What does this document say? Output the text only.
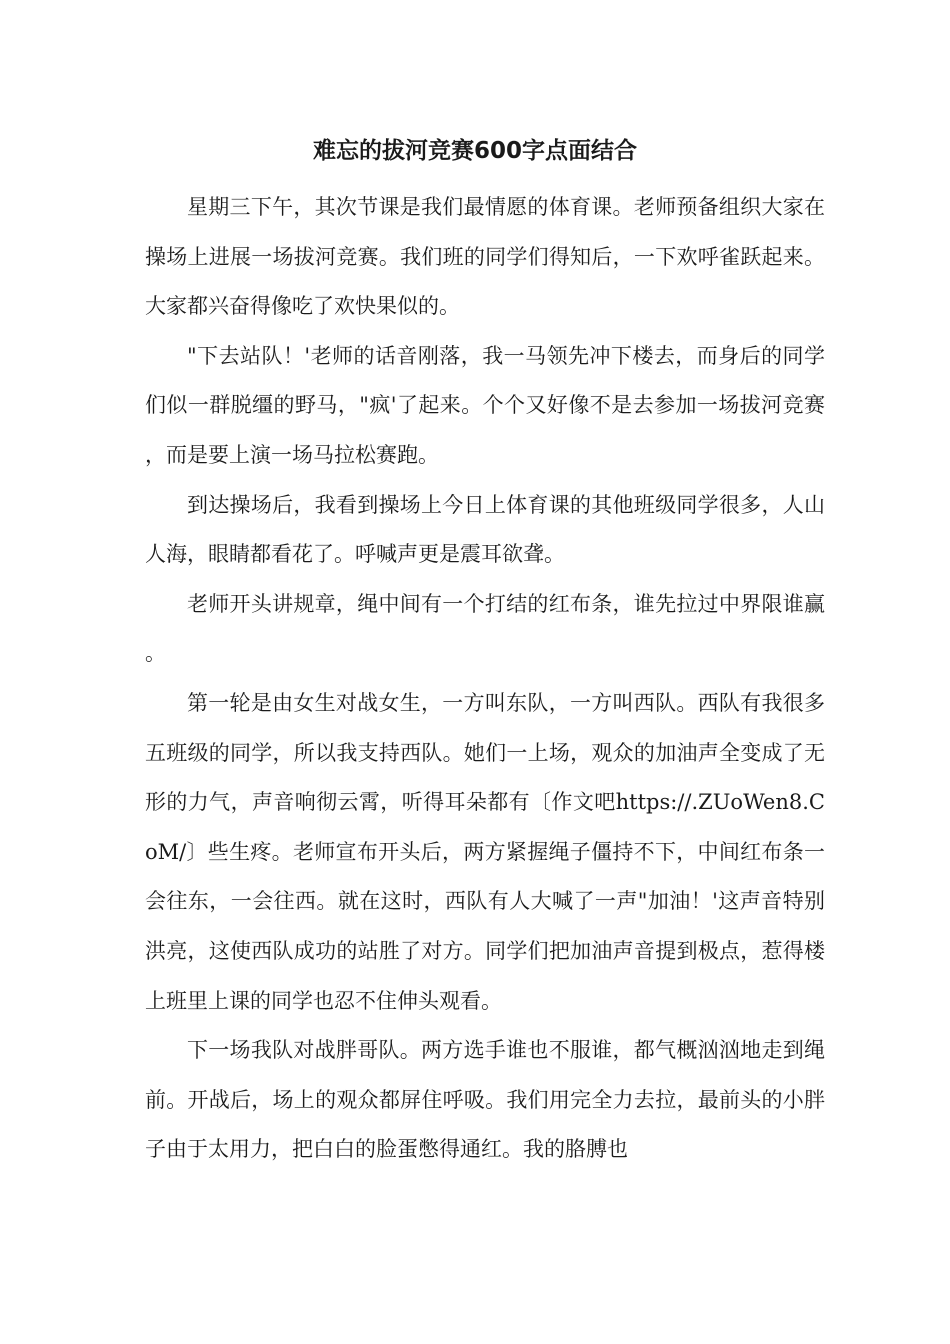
难忘的拔河竞赛600字点面结合

星期三下午，其次节课是我们最情愿的体育课。老师预备组织大家在操场上进展一场拔河竞赛。我们班的同学们得知后，一下欢呼雀跃起来。大家都兴奋得像吃了欢快果似的。

"下去站队！'老师的话音刚落，我一马领先冲下楼去，而身后的同学们似一群脱缰的野马，"疯'了起来。个个又好像不是去参加一场拔河竞赛，而是要上演一场马拉松赛跑。

到达操场后，我看到操场上今日上体育课的其他班级同学很多，人山人海，眼睛都看花了。呼喊声更是震耳欲聋。

老师开头讲规章，绳中间有一个打结的红布条，谁先拉过中界限谁赢。

第一轮是由女生对战女生，一方叫东队，一方叫西队。西队有我很多五班级的同学，所以我支持西队。她们一上场，观众的加油声全变成了无形的力气，声音响彻云霄，听得耳朵都有〔作文吧https://.ZUoWen8.CoM/〕些生疼。老师宣布开头后，两方紧握绳子僵持不下，中间红布条一会往东，一会往西。就在这时，西队有人大喊了一声"加油！'这声音特别洪亮，这使西队成功的站胜了对方。同学们把加油声音提到极点，惹得楼上班里上课的同学也忍不住伸头观看。

下一场我队对战胖哥队。两方选手谁也不服谁，都气概汹汹地走到绳前。开战后，场上的观众都屏住呼吸。我们用完全力去拉，最前头的小胖子由于太用力，把白白的脸蛋憋得通红。我的胳膊也
